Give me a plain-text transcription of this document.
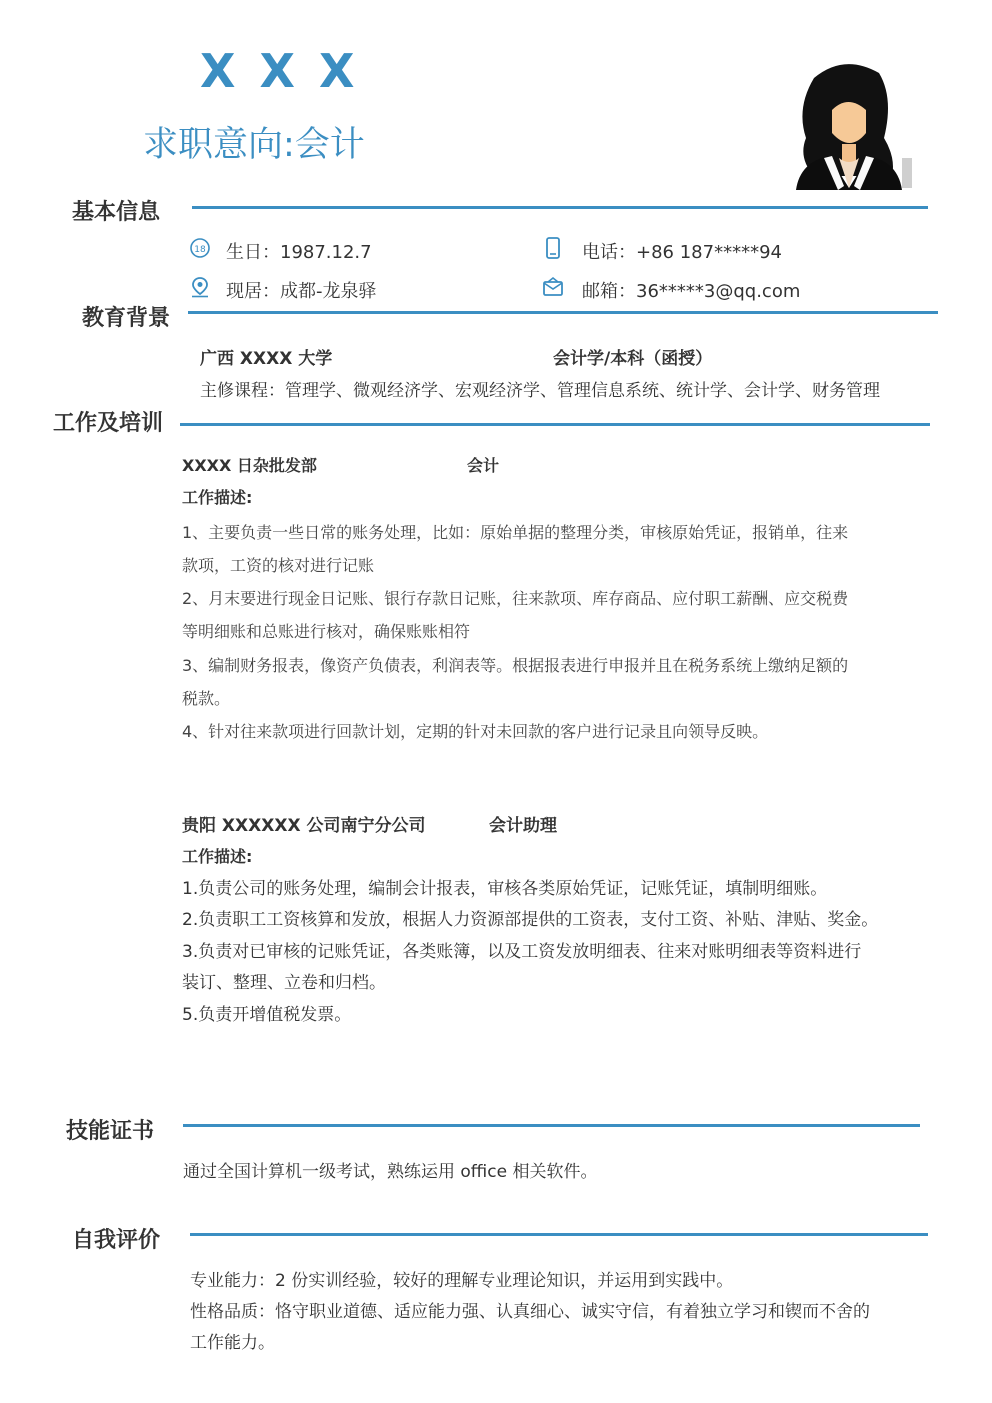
X X X
求职意向:会计
基本信息
18 生日：1987.12.7	电话：+86 187*****94
现居：成都-龙泉驿	邮箱：36*****3@qq.com
教育背景
广西 XXXX 大学	会计学/本科（函授）
主修课程：管理学、微观经济学、宏观经济学、管理信息系统、统计学、会计学、财务管理
工作及培训
XXXX 日杂批发部	会计
工作描述:
1、主要负责一些日常的账务处理，比如：原始单据的整理分类，审核原始凭证，报销单，往来
款项，工资的核对进行记账
2、月末要进行现金日记账、银行存款日记账，往来款项、库存商品、应付职工薪酬、应交税费
等明细账和总账进行核对，确保账账相符
3、编制财务报表，像资产负债表，利润表等。根据报表进行申报并且在税务系统上缴纳足额的
税款。
4、针对往来款项进行回款计划，定期的针对未回款的客户进行记录且向领导反映。
贵阳 XXXXXX 公司南宁分公司	会计助理
工作描述:
1.负责公司的账务处理，编制会计报表，审核各类原始凭证，记账凭证，填制明细账。
2.负责职工工资核算和发放，根据人力资源部提供的工资表，支付工资、补贴、津贴、奖金。
3.负责对已审核的记账凭证，各类账簿，以及工资发放明细表、往来对账明细表等资料进行
装订、整理、立卷和归档。
5.负责开增值税发票。
技能证书
通过全国计算机一级考试，熟练运用 office 相关软件。
自我评价
专业能力：2 份实训经验，较好的理解专业理论知识，并运用到实践中。
性格品质：恪守职业道德、适应能力强、认真细心、诚实守信，有着独立学习和锲而不舍的
工作能力。
